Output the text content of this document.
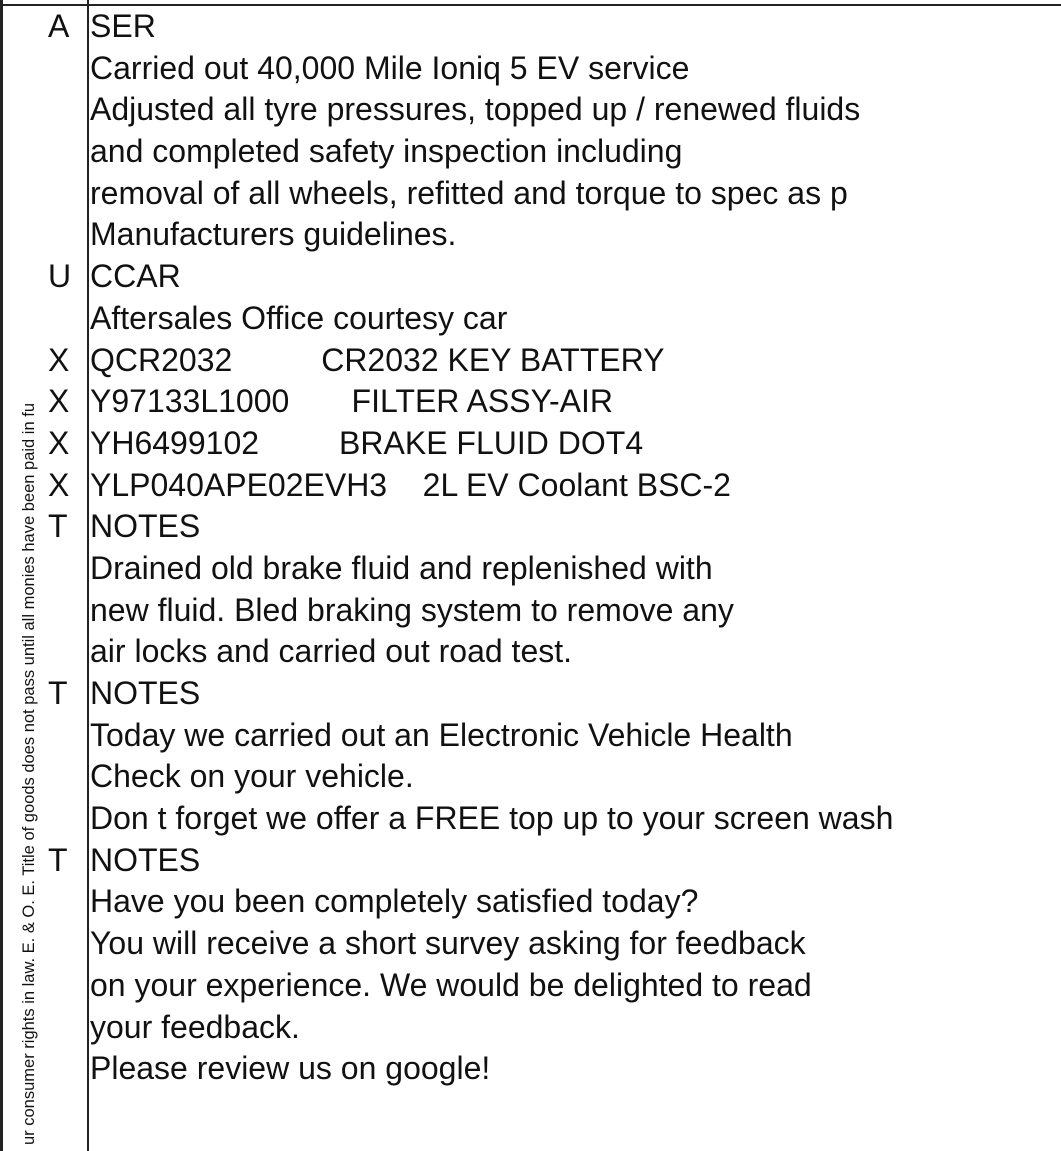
ur consumer rights in law. E. & O. E. Title of goods does not pass until all monies have been paid in fu
A SER
Carried out 40,000 Mile Ioniq 5 EV service
Adjusted all tyre pressures, topped up / renewed fluids
and completed safety inspection including
removal of all wheels, refitted and torque to spec as p
Manufacturers guidelines.
U CCAR
Aftersales Office courtesy car
X QCR2032          CR2032 KEY BATTERY
X Y97133L1000       FILTER ASSY-AIR
X YH6499102         BRAKE FLUID DOT4
X YLP040APE02EVH3    2L EV Coolant BSC-2
T NOTES
Drained old brake fluid and replenished with
new fluid. Bled braking system to remove any
air locks and carried out road test.
T NOTES
Today we carried out an Electronic Vehicle Health
Check on your vehicle.
Don t forget we offer a FREE top up to your screen wash
T NOTES
Have you been completely satisfied today?
You will receive a short survey asking for feedback
on your experience. We would be delighted to read
your feedback.
Please review us on google!
